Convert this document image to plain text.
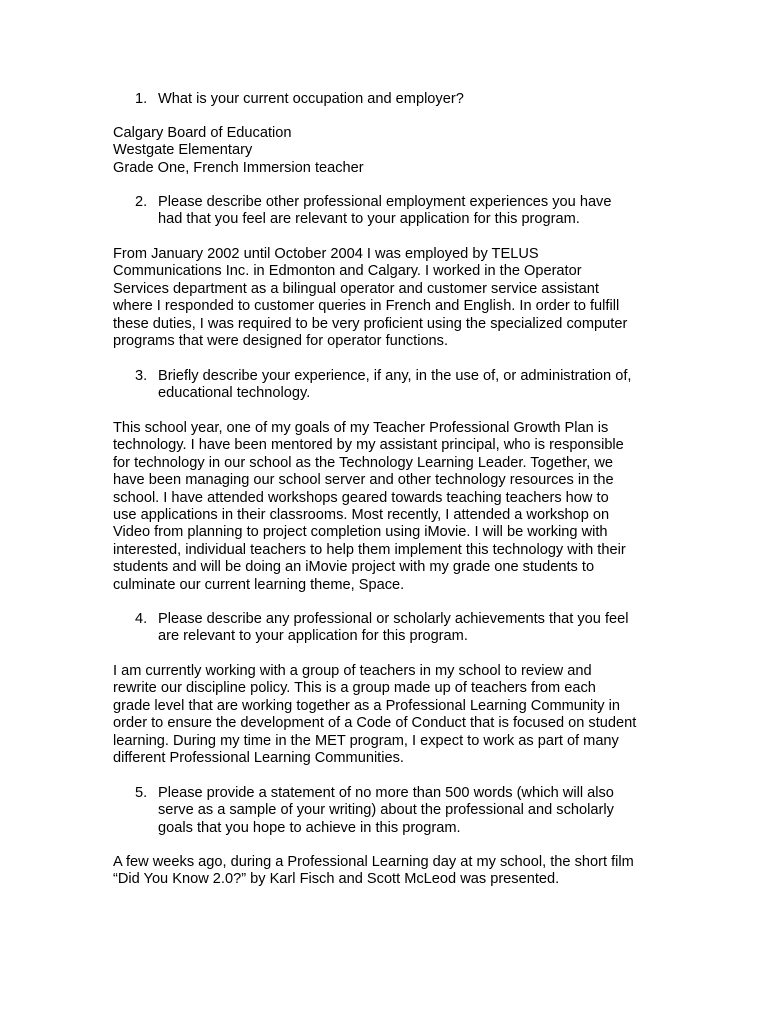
1. What is your current occupation and employer?
Calgary Board of Education
Westgate Elementary
Grade One, French Immersion teacher
2. Please describe other professional employment experiences you have
had that you feel are relevant to your application for this program.
From January 2002 until October 2004 I was employed by TELUS
Communications Inc. in Edmonton and Calgary. I worked in the Operator
Services department as a bilingual operator and customer service assistant
where I responded to customer queries in French and English. In order to fulfill
these duties, I was required to be very proficient using the specialized computer
programs that were designed for operator functions.
3. Briefly describe your experience, if any, in the use of, or administration of,
educational technology.
This school year, one of my goals of my Teacher Professional Growth Plan is
technology. I have been mentored by my assistant principal, who is responsible
for technology in our school as the Technology Learning Leader. Together, we
have been managing our school server and other technology resources in the
school. I have attended workshops geared towards teaching teachers how to
use applications in their classrooms. Most recently, I attended a workshop on
Video from planning to project completion using iMovie. I will be working with
interested, individual teachers to help them implement this technology with their
students and will be doing an iMovie project with my grade one students to
culminate our current learning theme, Space.
4. Please describe any professional or scholarly achievements that you feel
are relevant to your application for this program.
I am currently working with a group of teachers in my school to review and
rewrite our discipline policy. This is a group made up of teachers from each
grade level that are working together as a Professional Learning Community in
order to ensure the development of a Code of Conduct that is focused on student
learning. During my time in the MET program, I expect to work as part of many
different Professional Learning Communities.
5. Please provide a statement of no more than 500 words (which will also
serve as a sample of your writing) about the professional and scholarly
goals that you hope to achieve in this program.
A few weeks ago, during a Professional Learning day at my school, the short film
“Did You Know 2.0?” by Karl Fisch and Scott McLeod was presented.
